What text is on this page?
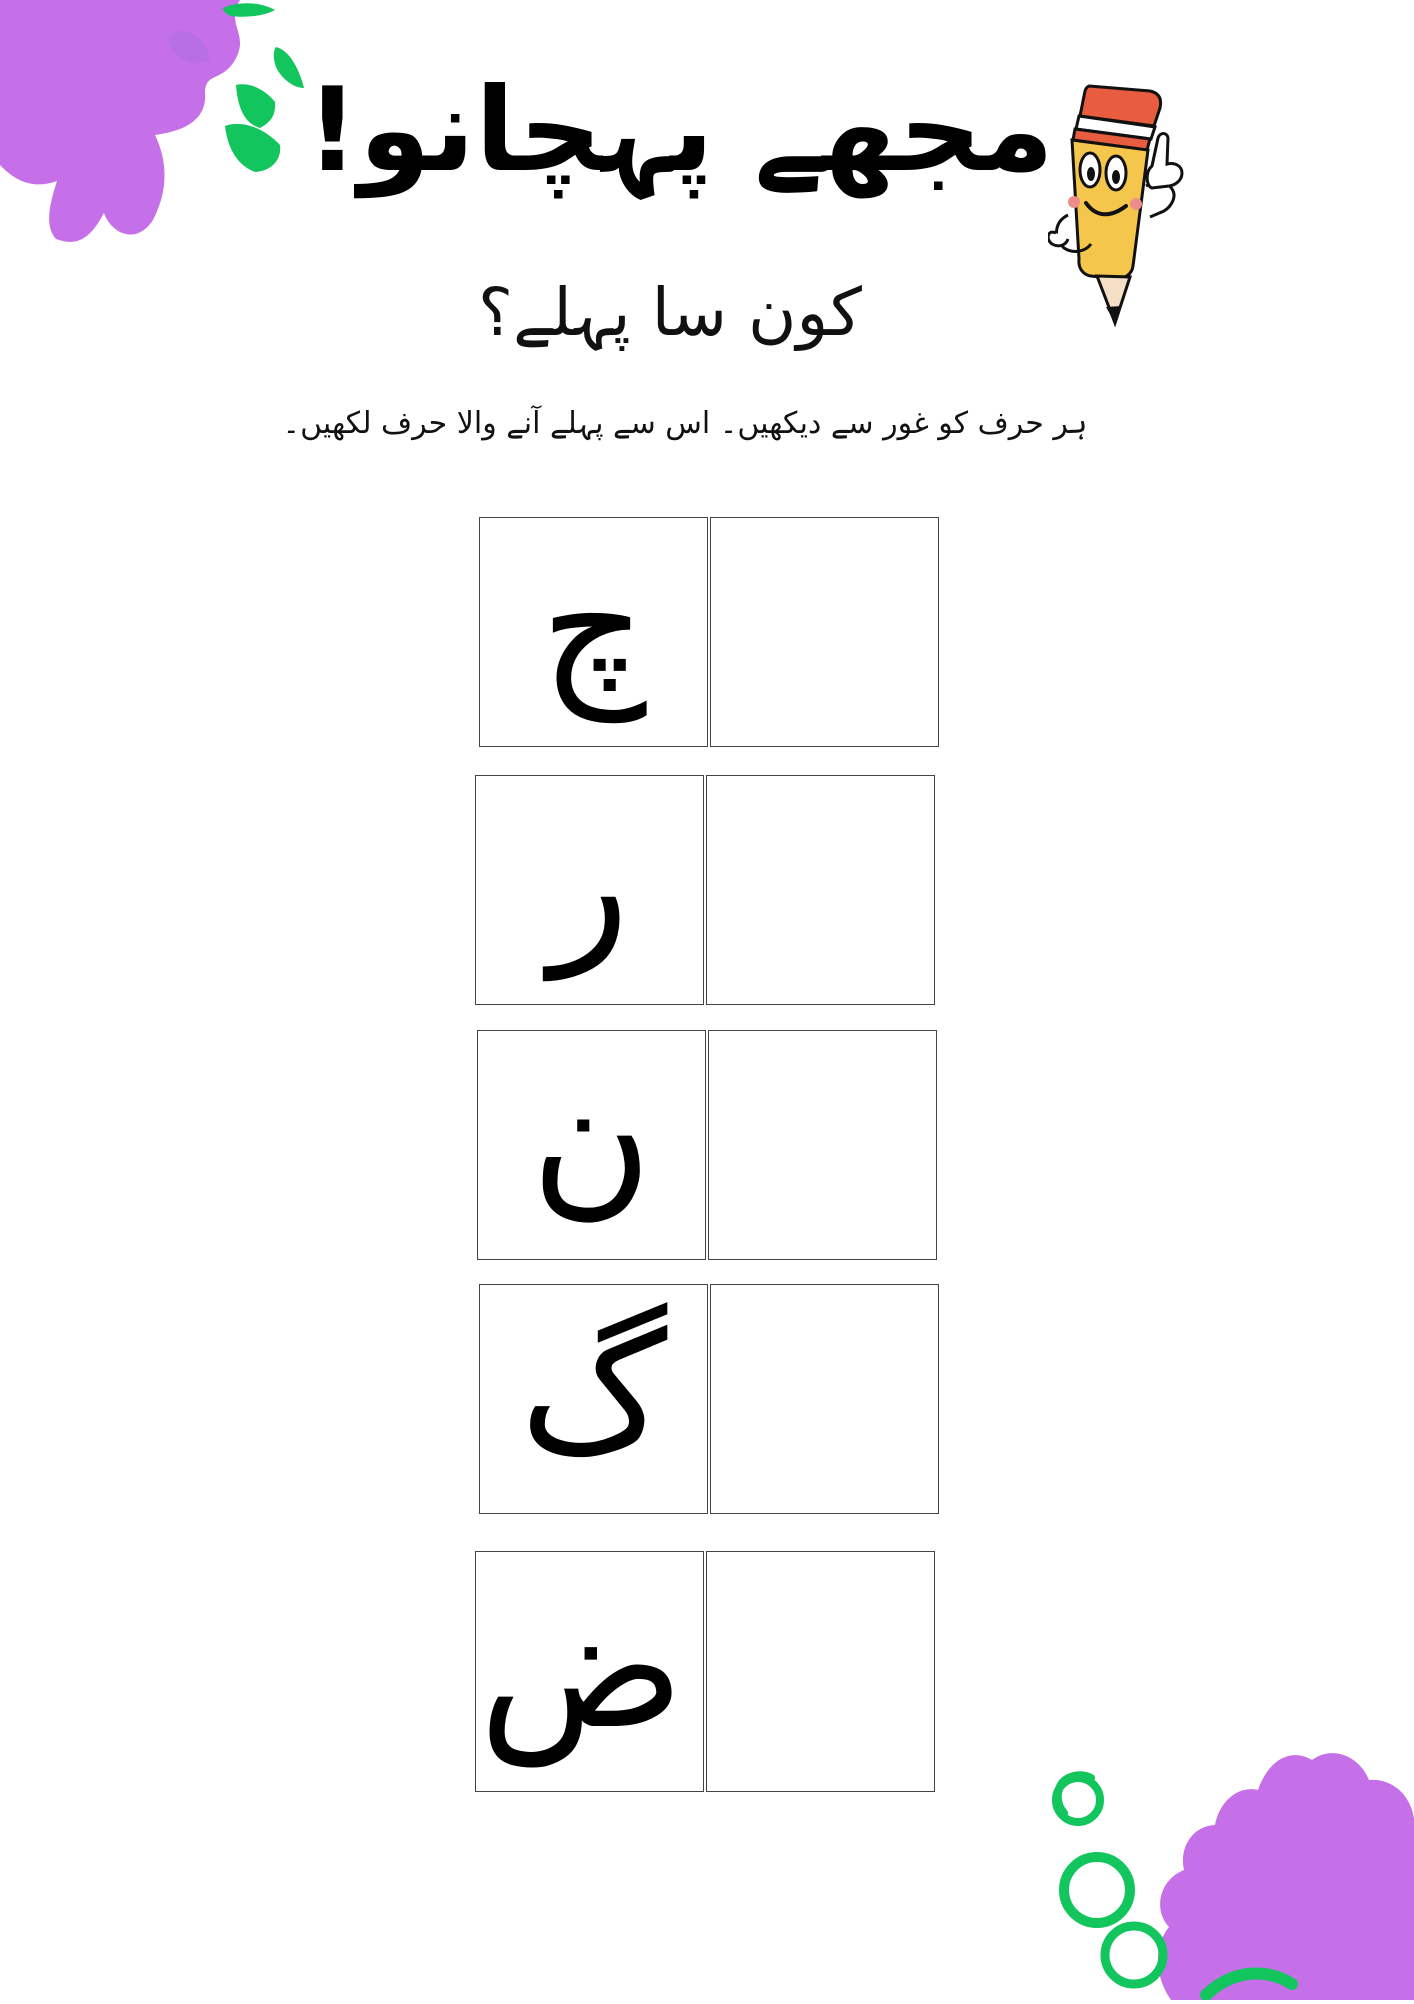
مجھے پہچانو!
کون سا پہلے؟

ہر حرف کو غور سے دیکھیں۔ اس سے پہلے آنے والا حرف لکھیں۔

چ
ر
ن
گ
ض
